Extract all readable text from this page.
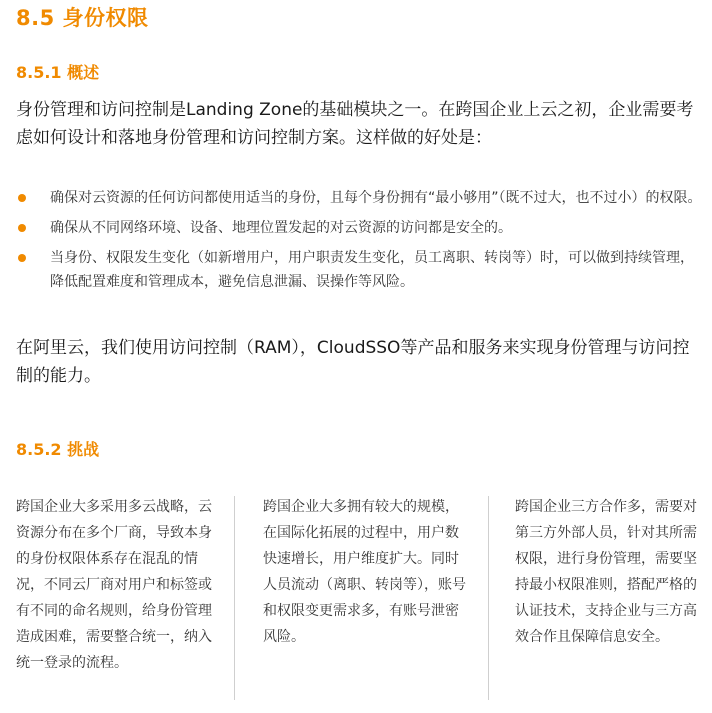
8.5 身份权限
8.5.1 概述

身份管理和访问控制是Landing Zone的基础模块之一。在跨国企业上云之初，企业需要考虑如何设计和落地身份管理和访问控制方案。这样做的好处是：

确保对云资源的任何访问都使用适当的身份，且每个身份拥有“最小够用”（既不过大，也不过小）的权限。
确保从不同网络环境、设备、地理位置发起的对云资源的访问都是安全的。
当身份、权限发生变化（如新增用户，用户职责发生变化，员工离职、转岗等）时，可以做到持续管理，降低配置难度和管理成本，避免信息泄漏、误操作等风险。

在阿里云，我们使用访问控制（RAM），CloudSSO等产品和服务来实现身份管理与访问控制的能力。

8.5.2 挑战
跨国企业大多采用多云战略，云资源分布在多个厂商，导致本身的身份权限体系存在混乱的情况，不同云厂商对用户和标签或有不同的命名规则，给身份管理造成困难，需要整合统一，纳入统一登录的流程。
跨国企业大多拥有较大的规模，在国际化拓展的过程中，用户数快速增长，用户维度扩大。同时人员流动（离职、转岗等），账号和权限变更需求多，有账号泄密风险。
跨国企业三方合作多，需要对第三方外部人员，针对其所需权限，进行身份管理，需要坚持最小权限准则，搭配严格的认证技术，支持企业与三方高效合作且保障信息安全。
